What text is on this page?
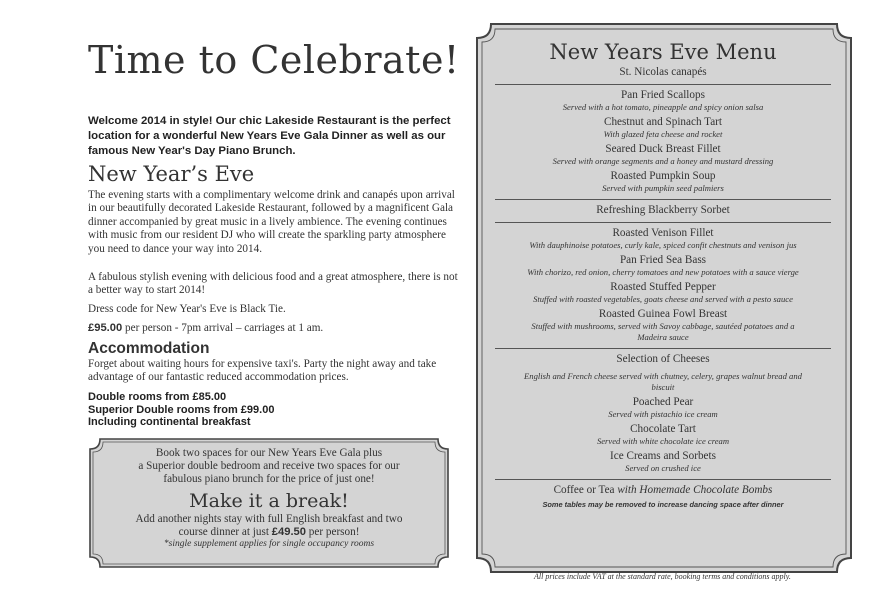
Time to Celebrate!
Welcome 2014 in style! Our chic Lakeside Restaurant is the perfect location for a wonderful New Years Eve Gala Dinner as well as our famous New Year's Day Piano Brunch.
New Year’s Eve
The evening starts with a complimentary welcome drink and canapés upon arrival in our beautifully decorated Lakeside Restaurant, followed by a magnificent Gala dinner accompanied by great music in a lively ambience. The evening continues with music from our resident DJ who will create the sparkling party atmosphere you need to dance your way into 2014.
A fabulous stylish evening with delicious food and a great atmosphere, there is not a better way to start 2014!
Dress code for New Year's Eve is Black Tie.
£95.00 per person - 7pm arrival – carriages at 1 am.
Accommodation
Forget about waiting hours for expensive taxi's. Party the night away and take advantage of our fantastic reduced accommodation prices.
Double rooms from £85.00
Superior Double rooms from £99.00
Including continental breakfast
Book two spaces for our New Years Eve Gala plus
a Superior double bedroom and receive two spaces for our
fabulous piano brunch for the price of just one!
Make it a break!
Add another nights stay with full English breakfast and two
course dinner at just £49.50 per person!
*single supplement applies for single occupancy rooms
New Years Eve Menu
St. Nicolas canapés
Pan Fried Scallops
Served with a hot tomato, pineapple and spicy onion salsa
Chestnut and Spinach Tart
With glazed feta cheese and rocket
Seared Duck Breast Fillet
Served with orange segments and a honey and mustard dressing
Roasted Pumpkin Soup
Served with pumpkin seed palmiers
Refreshing Blackberry Sorbet
Roasted Venison Fillet
With dauphinoise potatoes, curly kale, spiced confit chestnuts and venison jus
Pan Fried Sea Bass
With chorizo, red onion, cherry tomatoes and new potatoes with a sauce vierge
Roasted Stuffed Pepper
Stuffed with roasted vegetables, goats cheese and served with a pesto sauce
Roasted Guinea Fowl Breast
Stuffed with mushrooms, served with Savoy cabbage, sautéed potatoes and a Madeira sauce
Selection of Cheeses
English and French cheese served with chutney, celery, grapes walnut bread and biscuit
Poached Pear
Served with pistachio ice cream
Chocolate Tart
Served with white chocolate ice cream
Ice Creams and Sorbets
Served on crushed ice
Coffee or Tea with Homemade Chocolate Bombs
Some tables may be removed to increase dancing space after dinner
All prices include VAT at the standard rate, booking terms and conditions apply.
